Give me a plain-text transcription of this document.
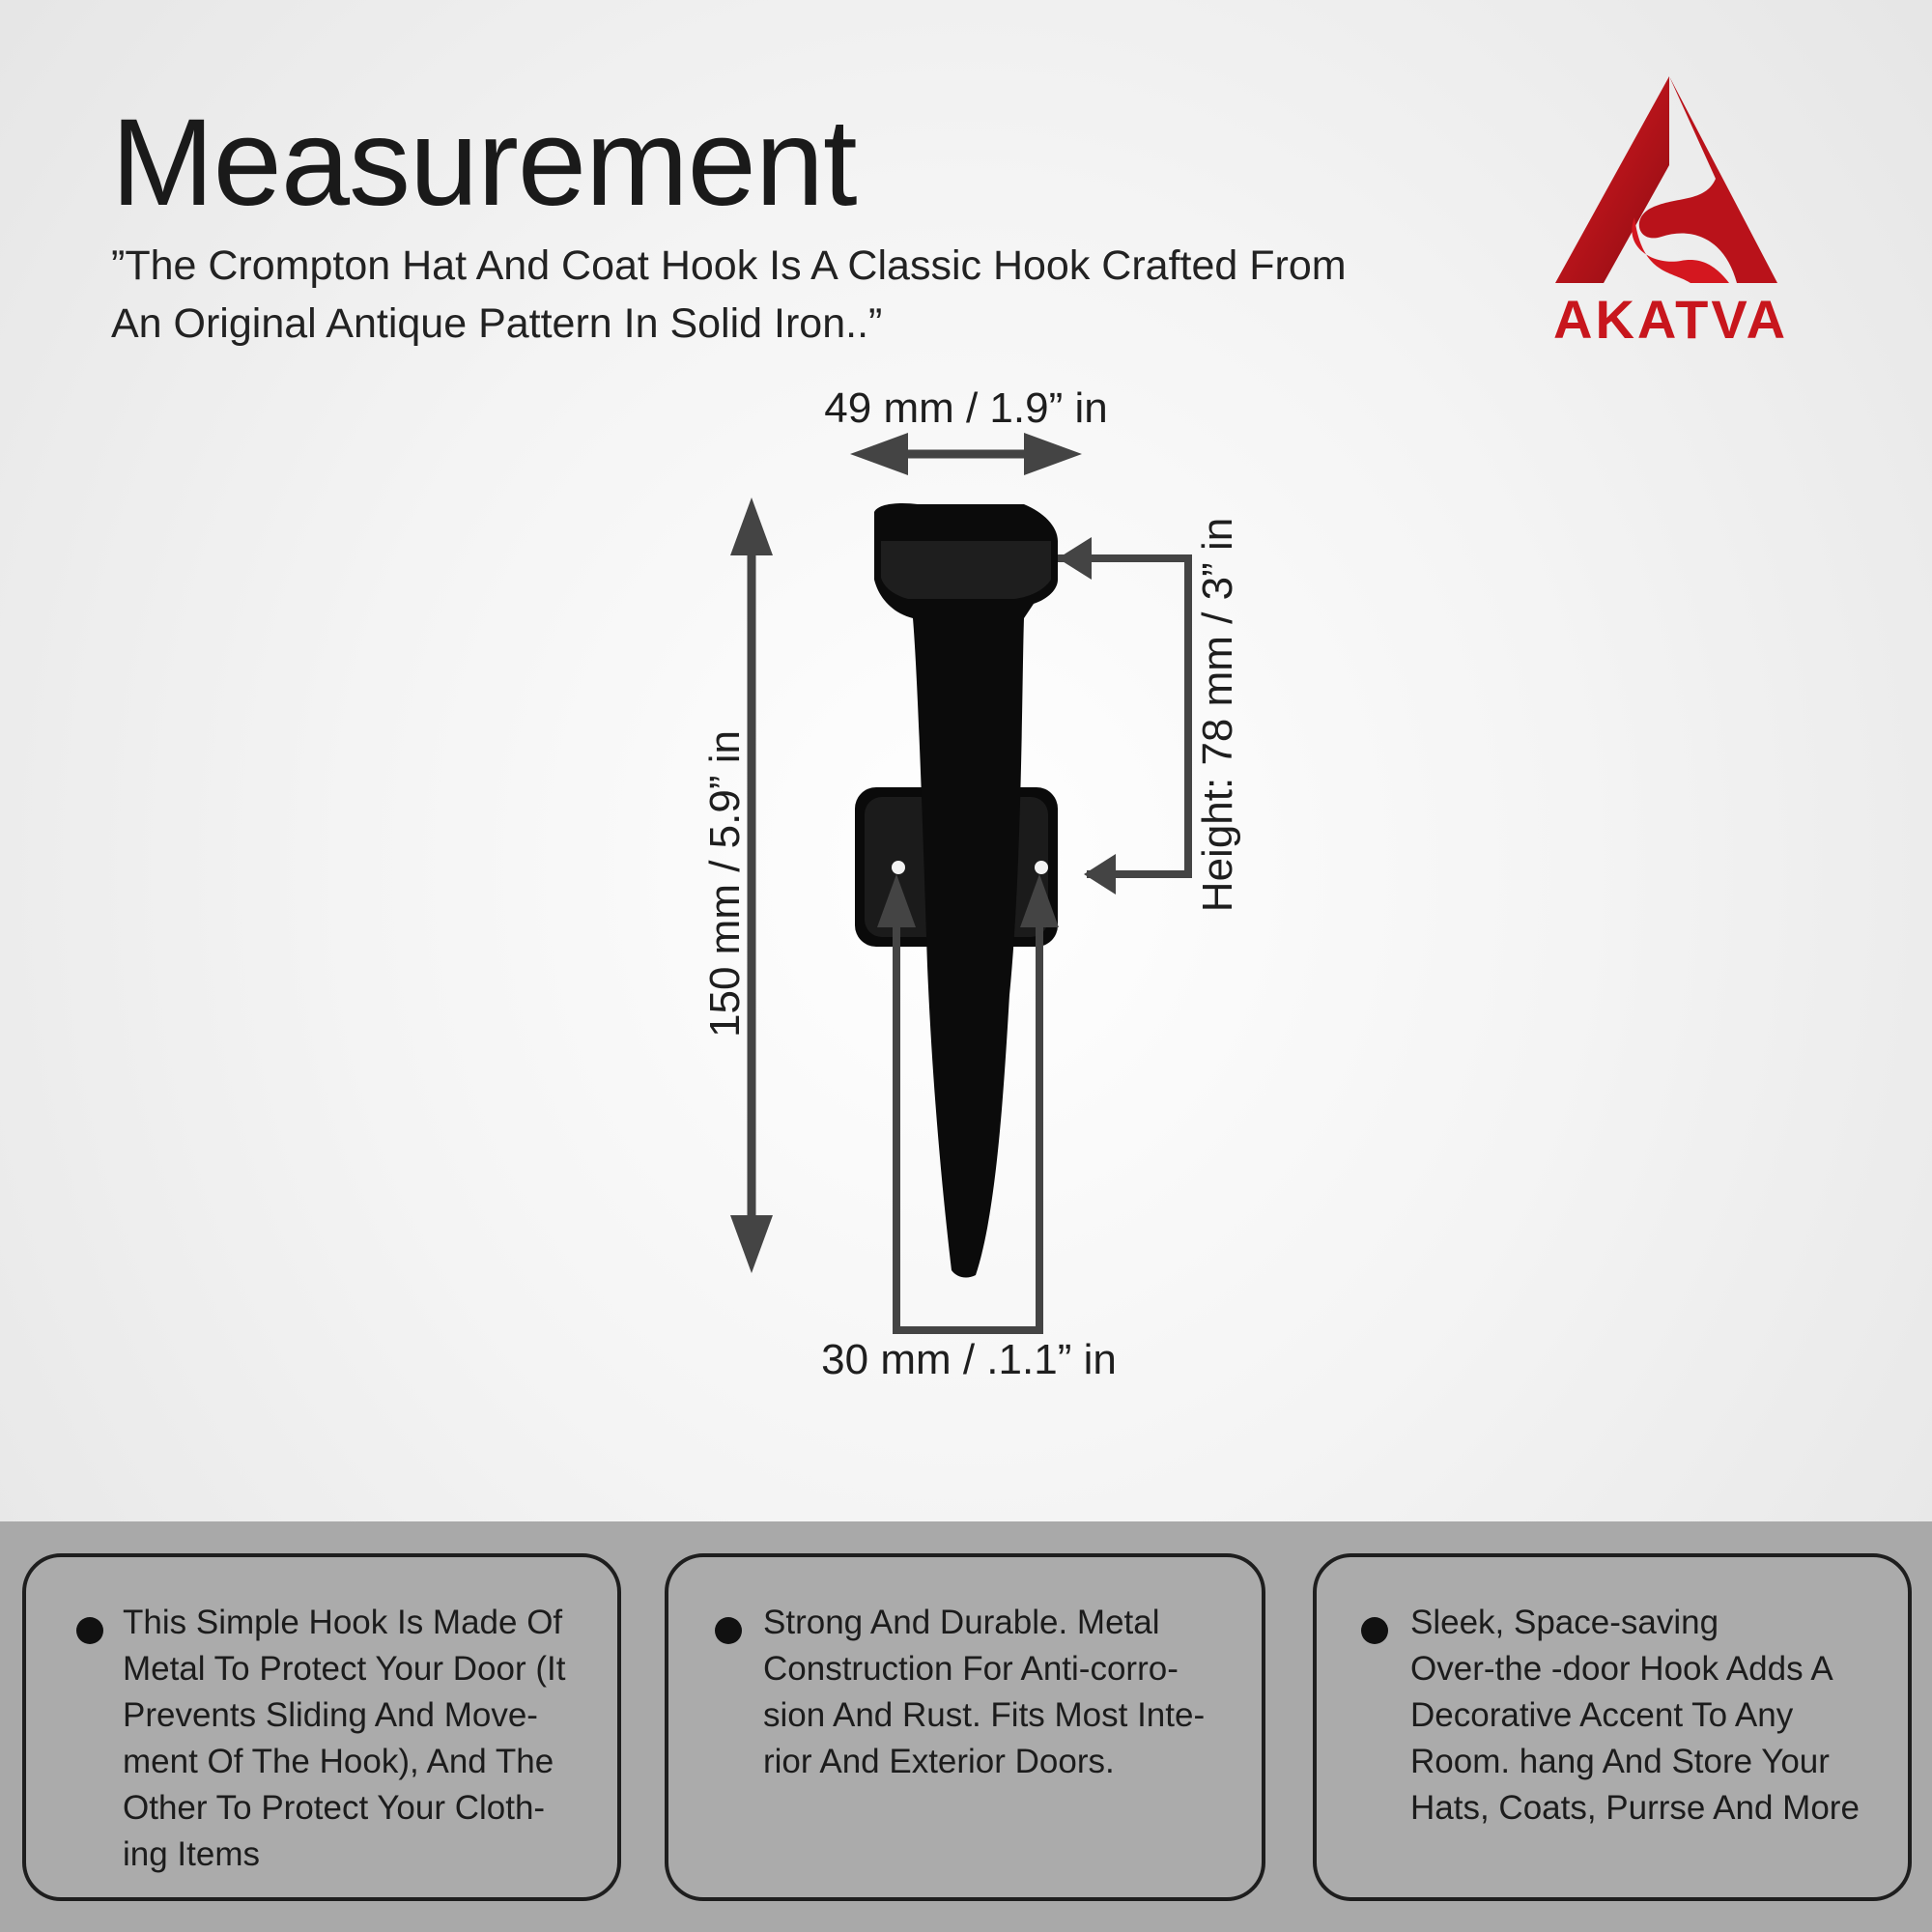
Measurement
”The Crompton Hat And Coat Hook Is A Classic Hook Crafted From
An Original Antique Pattern In Solid Iron..”	AKATVA
49 mm / 1.9” in
150 mm / 5.9” in	Height: 78 mm / 3” in
30 mm / .1.1” in
This Simple Hook Is Made Of
Metal To Protect Your Door (It
Prevents Sliding And Move-
ment Of The Hook), And The
Other To Protect Your Cloth-
ing Items
Strong And Durable. Metal
Construction For Anti-corro-
sion And Rust. Fits Most Inte-
rior And Exterior Doors.
Sleek, Space-saving
Over-the -door Hook Adds A
Decorative Accent To Any
Room. hang And Store Your
Hats, Coats, Purrse And More
